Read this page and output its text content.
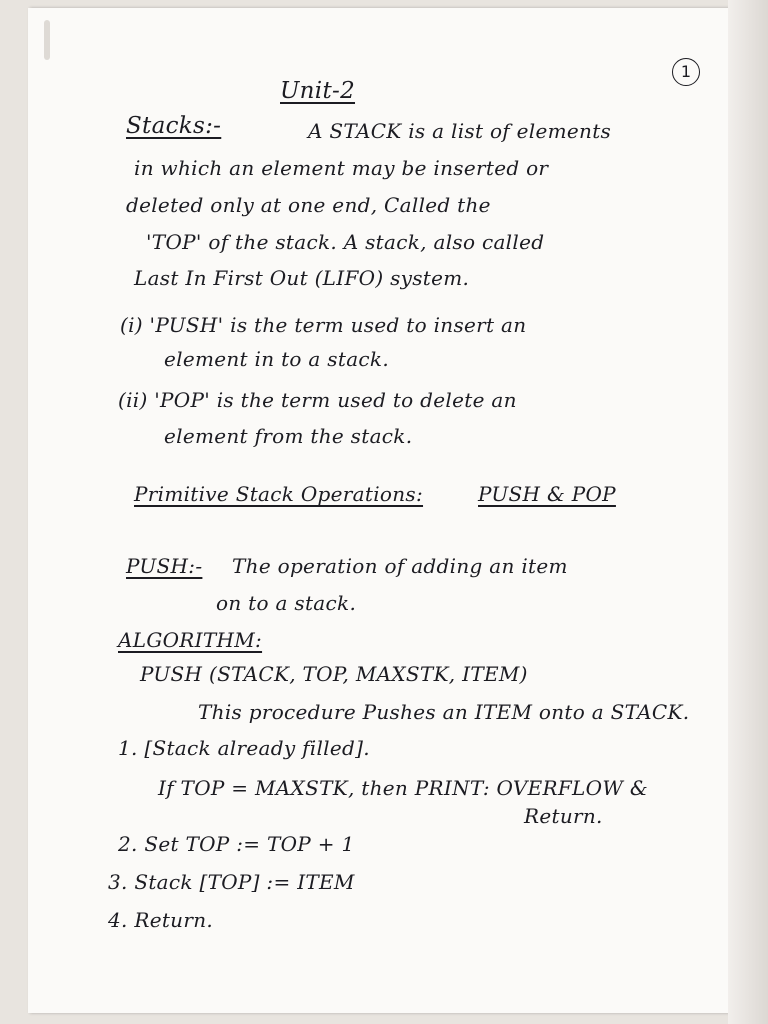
1
Unit-2
Stacks:-	A STACK is a list of elements
in which an element may be inserted or
deleted only at one end, Called the
'TOP' of the stack. A stack, also called
Last In First Out (LIFO) system.
(i) 'PUSH' is the term used to insert an
element in to a stack.
(ii) 'POP' is the term used to delete an
element from the stack.
Primitive Stack Operations:	PUSH & POP
PUSH:- The operation of adding an item
on to a stack.
ALGORITHM:
PUSH (STACK, TOP, MAXSTK, ITEM)
This procedure Pushes an ITEM onto a STACK.
1. [Stack already filled].
If TOP = MAXSTK, then PRINT: OVERFLOW &
Return.
2. Set TOP := TOP + 1
3. Stack [TOP] := ITEM
4. Return.
